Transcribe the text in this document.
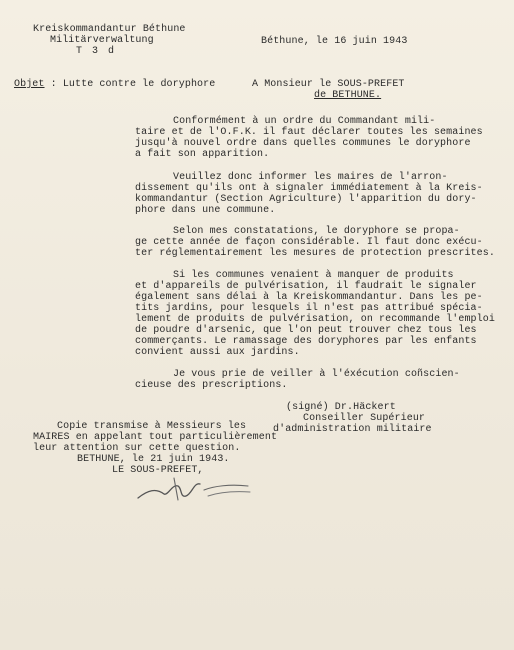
Kreiskommandantur Béthune
Militärverwaltung
T 3 d
Béthune, le 16 juin 1943
Objet : Lutte contre le doryphore	A Monsieur le SOUS-PREFET
de BETHUNE.
Conformément à un ordre du Commandant mili-
taire et de l'O.F.K. il faut déclarer toutes les semaines
jusqu'à nouvel ordre dans quelles communes le doryphore
a fait son apparition.
Veuillez donc informer les maires de l'arron-
dissement qu'ils ont à signaler immédiatement à la Kreis-
kommandantur (Section Agriculture) l'apparition du dory-
phore dans une commune.
Selon mes constatations, le doryphore se propa-
ge cette année de façon considérable. Il faut donc exécu-
ter réglementairement les mesures de protection prescrites.
Si les communes venaient à manquer de produits
et d'appareils de pulvérisation, il faudrait le signaler
également sans délai à la Kreiskommandantur. Dans les pe-
tits jardins, pour lesquels il n'est pas attribué spécia-
lement de produits de pulvérisation, on recommande l'emploi
de poudre d'arsenic, que l'on peut trouver chez tous les
commerçants. Le ramassage des doryphores par les enfants
convient aussi aux jardins.
Je vous prie de veiller à l'éxécution coñscien-
cieuse des prescriptions.
(signé) Dr.Häckert
Conseiller Supérieur
d'administration militaire
Copie transmise à Messieurs les
MAIRES en appelant tout particulièrement
leur attention sur cette question.
BETHUNE, le 21 juin 1943.
LE SOUS-PREFET,
